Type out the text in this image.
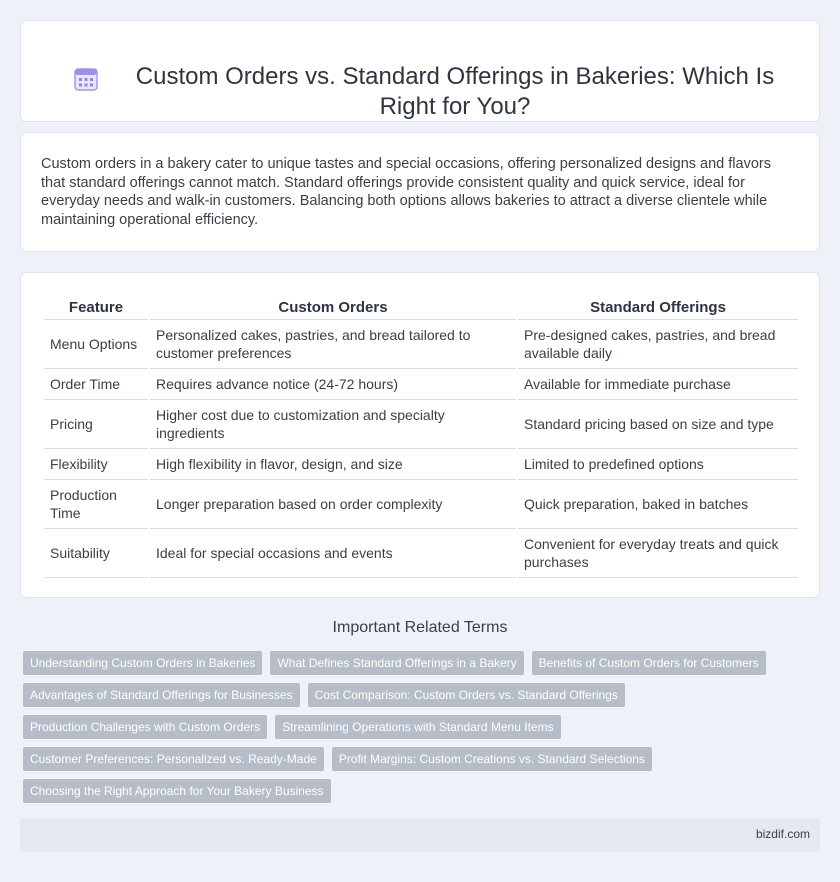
Custom Orders vs. Standard Offerings in Bakeries: Which Is Right for You?

Custom orders in a bakery cater to unique tastes and special occasions, offering personalized designs and flavors that standard offerings cannot match. Standard offerings provide consistent quality and quick service, ideal for everyday needs and walk-in customers. Balancing both options allows bakeries to attract a diverse clientele while maintaining operational efficiency.

Feature	Custom Orders	Standard Offerings
Menu Options	Personalized cakes, pastries, and bread tailored to customer preferences	Pre-designed cakes, pastries, and bread available daily
Order Time	Requires advance notice (24-72 hours)	Available for immediate purchase
Pricing	Higher cost due to customization and specialty ingredients	Standard pricing based on size and type
Flexibility	High flexibility in flavor, design, and size	Limited to predefined options
Production Time	Longer preparation based on order complexity	Quick preparation, baked in batches
Suitability	Ideal for special occasions and events	Convenient for everyday treats and quick purchases
Important Related Terms
Understanding Custom Orders in Bakeries	What Defines Standard Offerings in a Bakery	Benefits of Custom Orders for Customers
Advantages of Standard Offerings for Businesses	Cost Comparison: Custom Orders vs. Standard Offerings
Production Challenges with Custom Orders	Streamlining Operations with Standard Menu Items
Customer Preferences: Personalized vs. Ready-Made	Profit Margins: Custom Creations vs. Standard Selections
Choosing the Right Approach for Your Bakery Business
bizdif.com
